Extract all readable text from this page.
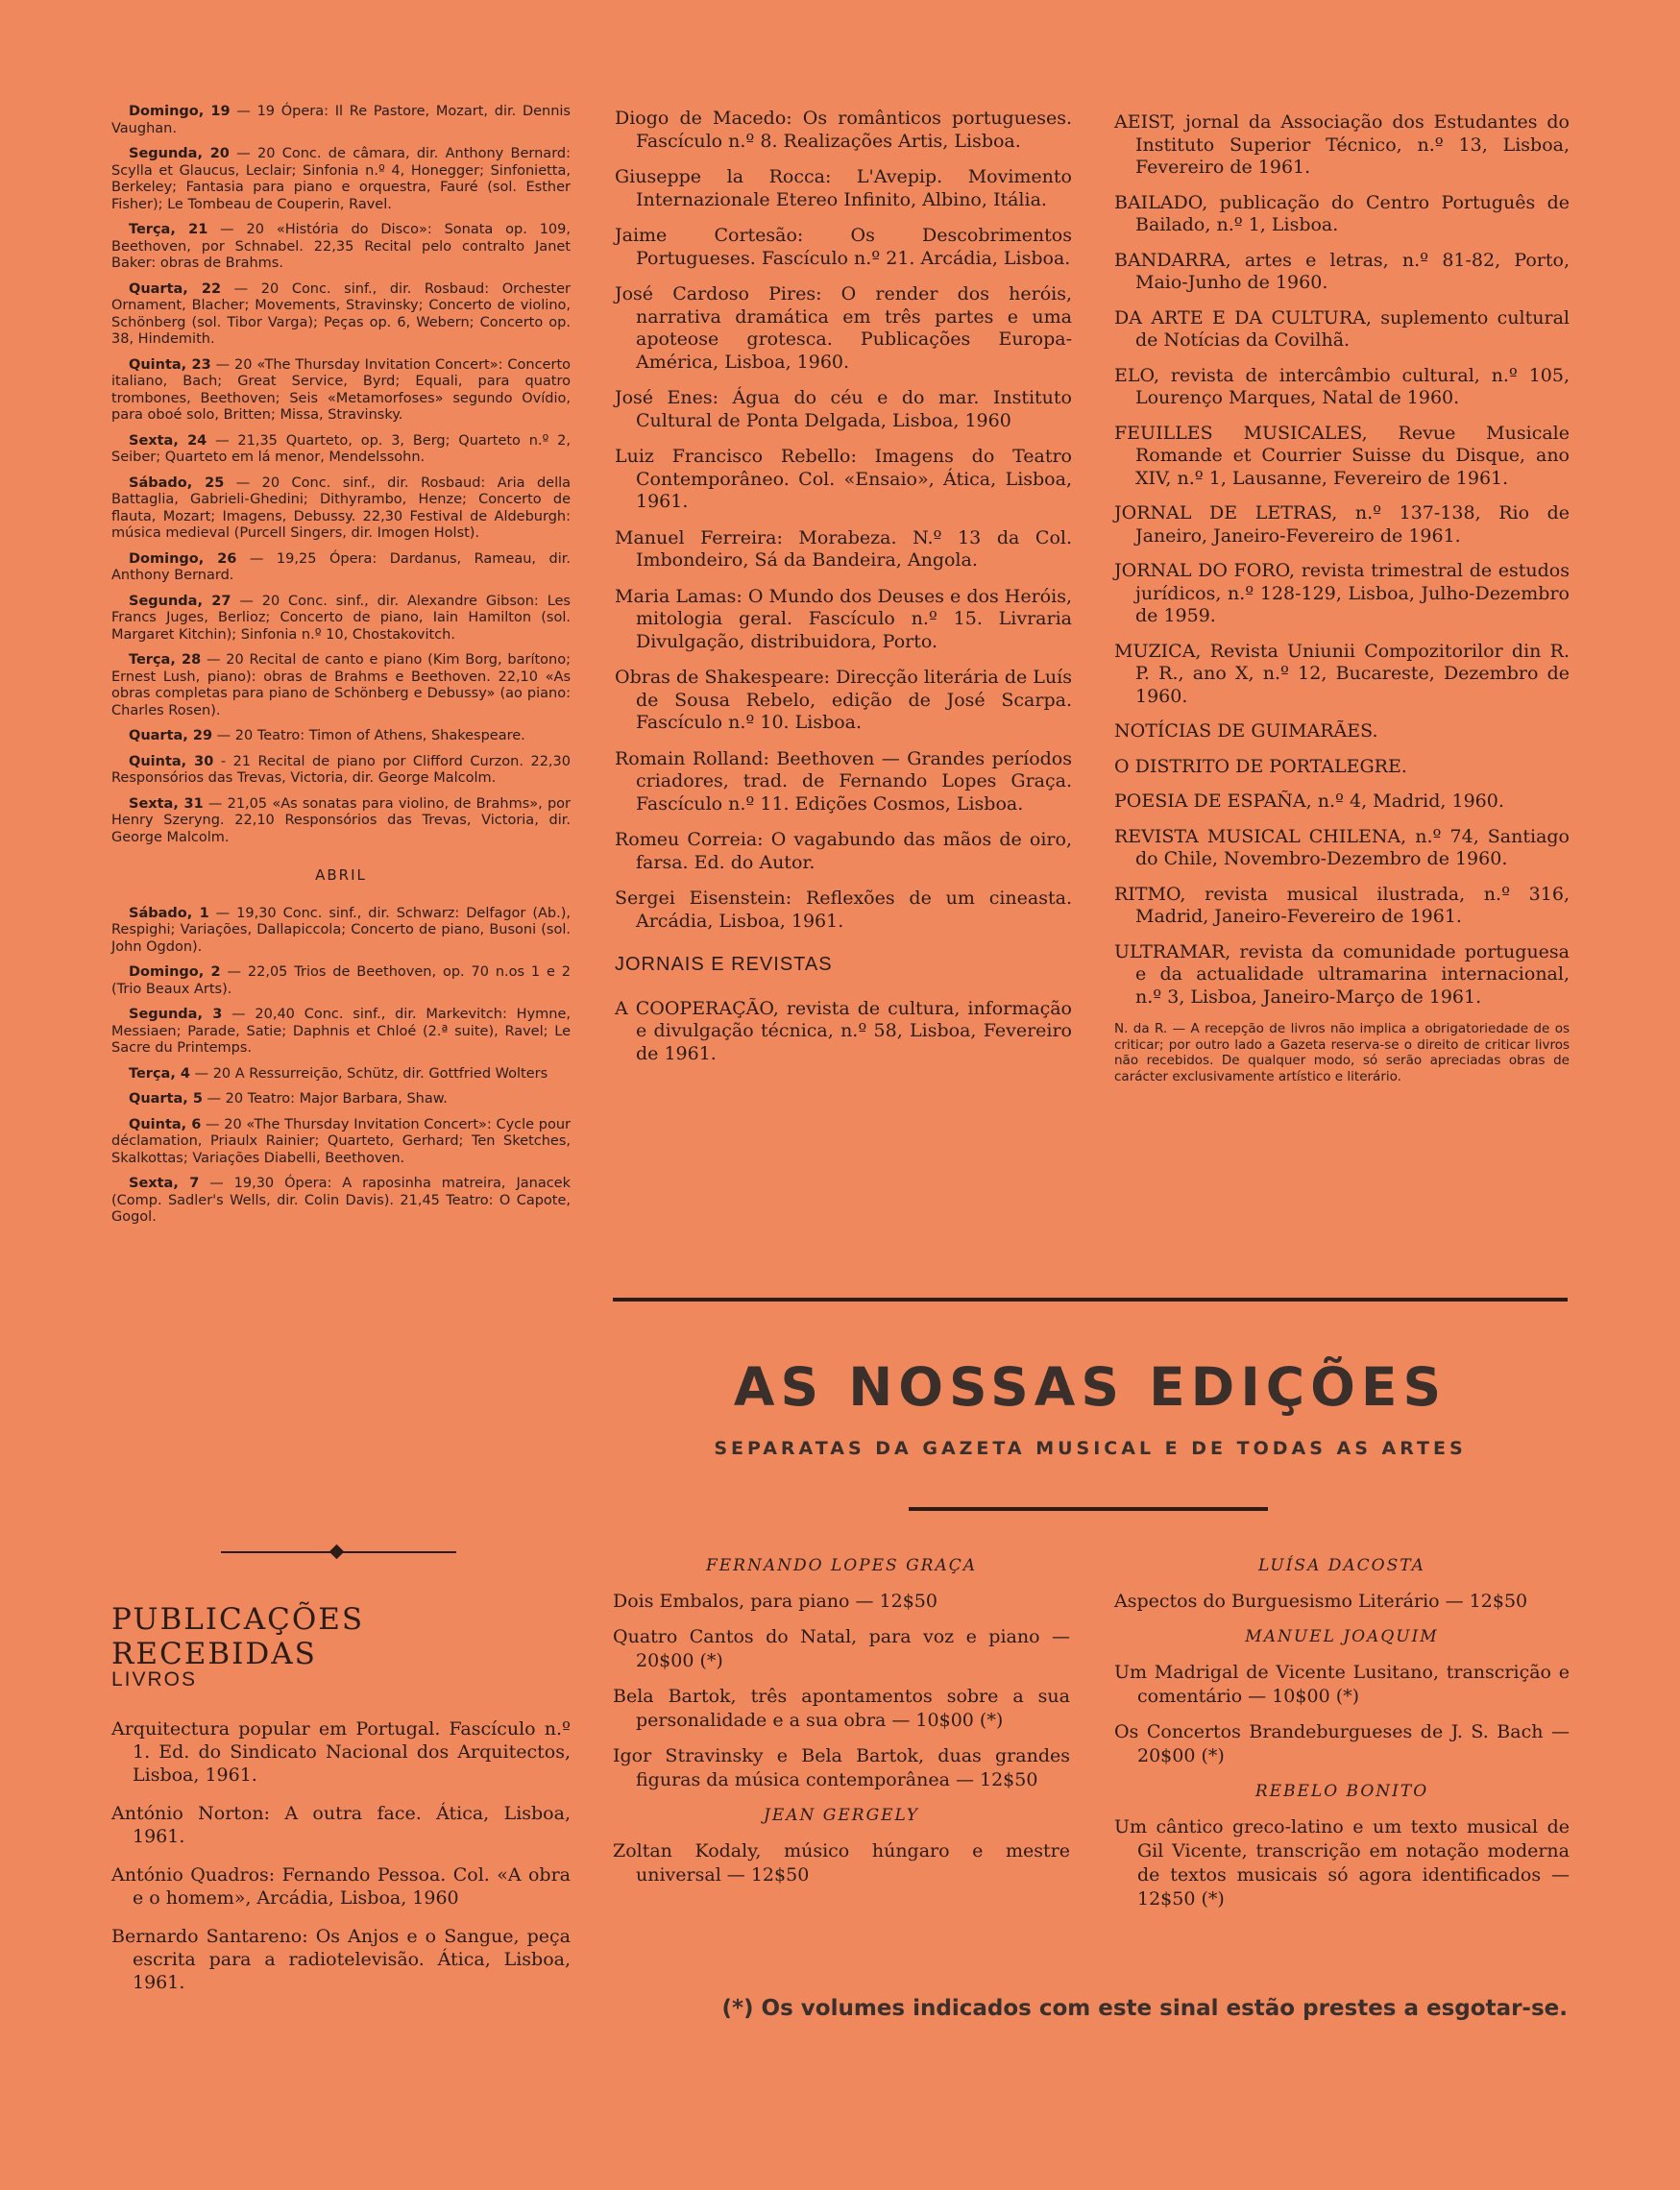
Domingo, 19 — 19 Ópera: Il Re Pastore, Mozart, dir. Dennis Vaughan.
Segunda, 20 — 20 Conc. de câmara, dir. Anthony Bernard: Scylla et Glaucus, Leclair; Sinfonia n.º 4, Honegger; Sinfonietta, Berkeley; Fantasia para piano e orquestra, Fauré (sol. Esther Fisher); Le Tombeau de Couperin, Ravel.
Terça, 21 — 20 «História do Disco»: Sonata op. 109, Beethoven, por Schnabel. 22,35 Recital pelo contralto Janet Baker: obras de Brahms.
Quarta, 22 — 20 Conc. sinf., dir. Rosbaud: Orchester Ornament, Blacher; Movements, Stravinsky; Concerto de violino, Schönberg (sol. Tibor Varga); Peças op. 6, Webern; Concerto op. 38, Hindemith.
Quinta, 23 — 20 «The Thursday Invitation Concert»: Concerto italiano, Bach; Great Service, Byrd; Equali, para quatro trombones, Beethoven; Seis «Metamorfoses» segundo Ovídio, para oboé solo, Britten; Missa, Stravinsky.
Sexta, 24 — 21,35 Quarteto, op. 3, Berg; Quarteto n.º 2, Seiber; Quarteto em lá menor, Mendelssohn.
Sábado, 25 — 20 Conc. sinf., dir. Rosbaud: Aria della Battaglia, Gabrieli-Ghedini; Dithyrambo, Henze; Concerto de flauta, Mozart; Imagens, Debussy. 22,30 Festival de Aldeburgh: música medieval (Purcell Singers, dir. Imogen Holst).
Domingo, 26 — 19,25 Ópera: Dardanus, Rameau, dir. Anthony Bernard.
Segunda, 27 — 20 Conc. sinf., dir. Alexandre Gibson: Les Francs Juges, Berlioz; Concerto de piano, Iain Hamilton (sol. Margaret Kitchin); Sinfonia n.º 10, Chostakovitch.
Terça, 28 — 20 Recital de canto e piano (Kim Borg, barítono; Ernest Lush, piano): obras de Brahms e Beethoven. 22,10 «As obras completas para piano de Schönberg e Debussy» (ao piano: Charles Rosen).
Quarta, 29 — 20 Teatro: Timon of Athens, Shakespeare.
Quinta, 30 - 21 Recital de piano por Clifford Curzon. 22,30 Responsórios das Trevas, Victoria, dir. George Malcolm.
Sexta, 31 — 21,05 «As sonatas para violino, de Brahms», por Henry Szeryng. 22,10 Responsórios das Trevas, Victoria, dir. George Malcolm.
ABRIL
Sábado, 1 — 19,30 Conc. sinf., dir. Schwarz: Delfagor (Ab.), Respighi; Variações, Dallapiccola; Concerto de piano, Busoni (sol. John Ogdon).
Domingo, 2 — 22,05 Trios de Beethoven, op. 70 n.os 1 e 2 (Trio Beaux Arts).
Segunda, 3 — 20,40 Conc. sinf., dir. Markevitch: Hymne, Messiaen; Parade, Satie; Daphnis et Chloé (2.ª suite), Ravel; Le Sacre du Printemps.
Terça, 4 — 20 A Ressurreição, Schütz, dir. Gottfried Wolters
Quarta, 5 — 20 Teatro: Major Barbara, Shaw.
Quinta, 6 — 20 «The Thursday Invitation Concert»: Cycle pour déclamation, Priaulx Rainier; Quarteto, Gerhard; Ten Sketches, Skalkottas; Variações Diabelli, Beethoven.
Sexta, 7 — 19,30 Ópera: A raposinha matreira, Janacek (Comp. Sadler's Wells, dir. Colin Davis). 21,45 Teatro: O Capote, Gogol.
PUBLICAÇÕES RECEBIDAS
LIVROS
Arquitectura popular em Portugal. Fascículo n.º 1. Ed. do Sindicato Nacional dos Arquitectos, Lisboa, 1961.
António Norton: A outra face. Ática, Lisboa, 1961.
António Quadros: Fernando Pessoa. Col. «A obra e o homem», Arcádia, Lisboa, 1960
Bernardo Santareno: Os Anjos e o Sangue, peça escrita para a radiotelevisão. Ática, Lisboa, 1961.
Diogo de Macedo: Os românticos portugueses. Fascículo n.º 8. Realizações Artis, Lisboa.
Giuseppe la Rocca: L'Avepip. Movimento Internazionale Etereo Infinito, Albino, Itália.
Jaime Cortesão: Os Descobrimentos Portugueses. Fascículo n.º 21. Arcádia, Lisboa.
José Cardoso Pires: O render dos heróis, narrativa dramática em três partes e uma apoteose grotesca. Publicações Europa-América, Lisboa, 1960.
José Enes: Água do céu e do mar. Instituto Cultural de Ponta Delgada, Lisboa, 1960
Luiz Francisco Rebello: Imagens do Teatro Contemporâneo. Col. «Ensaio», Ática, Lisboa, 1961.
Manuel Ferreira: Morabeza. N.º 13 da Col. Imbondeiro, Sá da Bandeira, Angola.
Maria Lamas: O Mundo dos Deuses e dos Heróis, mitologia geral. Fascículo n.º 15. Livraria Divulgação, distribuidora, Porto.
Obras de Shakespeare: Direcção literária de Luís de Sousa Rebelo, edição de José Scarpa. Fascículo n.º 10. Lisboa.
Romain Rolland: Beethoven — Grandes períodos criadores, trad. de Fernando Lopes Graça. Fascículo n.º 11. Edições Cosmos, Lisboa.
Romeu Correia: O vagabundo das mãos de oiro, farsa. Ed. do Autor.
Sergei Eisenstein: Reflexões de um cineasta. Arcádia, Lisboa, 1961.
JORNAIS E REVISTAS
A COOPERAÇÃO, revista de cultura, informação e divulgação técnica, n.º 58, Lisboa, Fevereiro de 1961.
AEIST, jornal da Associação dos Estudantes do Instituto Superior Técnico, n.º 13, Lisboa, Fevereiro de 1961.
BAILADO, publicação do Centro Português de Bailado, n.º 1, Lisboa.
BANDARRA, artes e letras, n.º 81-82, Porto, Maio-Junho de 1960.
DA ARTE E DA CULTURA, suplemento cultural de Notícias da Covilhã.
ELO, revista de intercâmbio cultural, n.º 105, Lourenço Marques, Natal de 1960.
FEUILLES MUSICALES, Revue Musicale Romande et Courrier Suisse du Disque, ano XIV, n.º 1, Lausanne, Fevereiro de 1961.
JORNAL DE LETRAS, n.º 137-138, Rio de Janeiro, Janeiro-Fevereiro de 1961.
JORNAL DO FORO, revista trimestral de estudos jurídicos, n.º 128-129, Lisboa, Julho-Dezembro de 1959.
MUZICA, Revista Uniunii Compozitorilor din R. P. R., ano X, n.º 12, Bucareste, Dezembro de 1960.
NOTÍCIAS DE GUIMARÃES.
O DISTRITO DE PORTALEGRE.
POESIA DE ESPAÑA, n.º 4, Madrid, 1960.
REVISTA MUSICAL CHILENA, n.º 74, Santiago do Chile, Novembro-Dezembro de 1960.
RITMO, revista musical ilustrada, n.º 316, Madrid, Janeiro-Fevereiro de 1961.
ULTRAMAR, revista da comunidade portuguesa e da actualidade ultramarina internacional, n.º 3, Lisboa, Janeiro-Março de 1961.
N. da R. — A recepção de livros não implica a obrigatoriedade de os criticar; por outro lado a Gazeta reserva-se o direito de criticar livros não recebidos. De qualquer modo, só serão apreciadas obras de carácter exclusivamente artístico e literário.
AS NOSSAS EDIÇÕES
SEPARATAS DA GAZETA MUSICAL E DE TODAS AS ARTES
FERNANDO LOPES GRAÇA
Dois Embalos, para piano — 12$50
Quatro Cantos do Natal, para voz e piano — 20$00 (*)
Bela Bartok, três apontamentos sobre a sua personalidade e a sua obra — 10$00 (*)
Igor Stravinsky e Bela Bartok, duas grandes figuras da música contemporânea — 12$50
JEAN GERGELY
Zoltan Kodaly, músico húngaro e mestre universal — 12$50
LUÍSA DACOSTA
Aspectos do Burguesismo Literário — 12$50
MANUEL JOAQUIM
Um Madrigal de Vicente Lusitano, transcrição e comentário — 10$00 (*)
Os Concertos Brandeburgueses de J. S. Bach — 20$00 (*)
REBELO BONITO
Um cântico greco-latino e um texto musical de Gil Vicente, transcrição em notação moderna de textos musicais só agora identificados — 12$50 (*)
(*) Os volumes indicados com este sinal estão prestes a esgotar-se.
